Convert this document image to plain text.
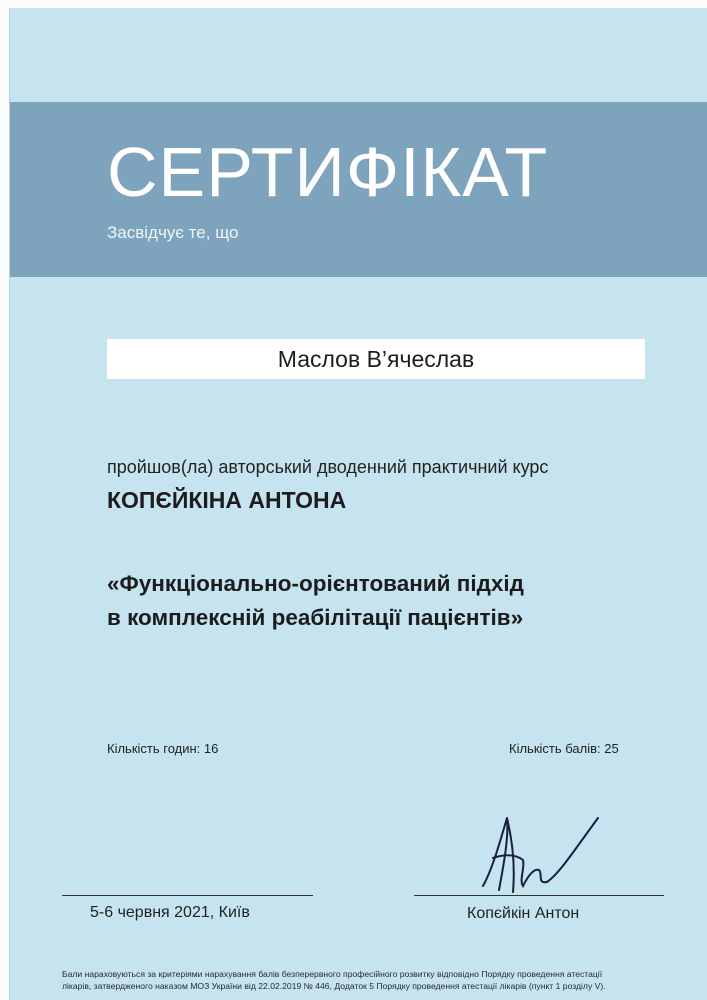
СЕРТИФІКАТ
Засвідчує те, що
Маслов В’ячеслав
пройшов(ла) авторський дводенний практичний курс
КОПЄЙКІНА АНТОНА
«Функціонально-орієнтований підхід
в комплексній реабілітації пацієнтів»
Кількість годин: 16	Кількість балів: 25
5-6 червня 2021, Київ	Копєйкін Антон
Бали нараховуються за критеріями нарахування балів безперервного професійного розвитку відповідно Порядку проведення атестації
лікарів, затвердженого наказом МОЗ України від 22.02.2019 № 446, Додаток 5 Порядку проведення атестації лікарів (пункт 1 розділу V).
